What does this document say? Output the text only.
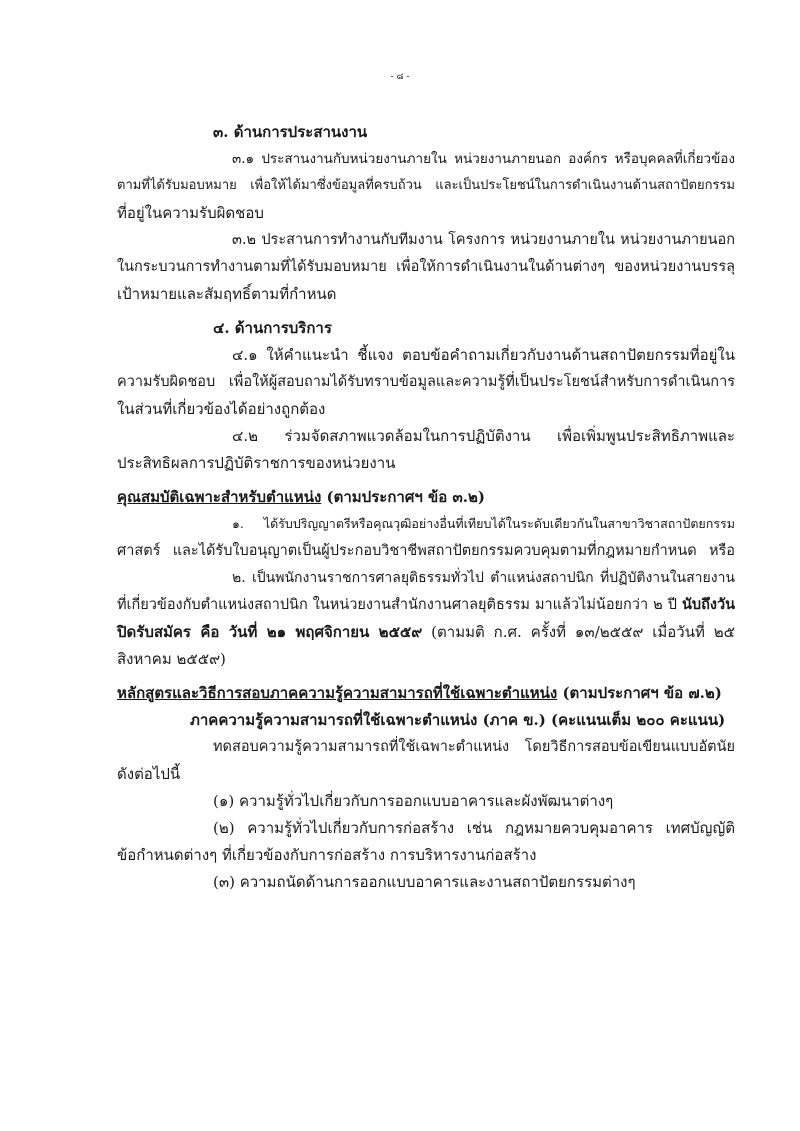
- ๘ -
๓. ด้านการประสานงาน
๓.๑ ประสานงานกับหน่วยงานภายใน หน่วยงานภายนอก องค์กร หรือบุคคลที่เกี่ยวข้อง
ตามที่ได้รับมอบหมาย เพื่อให้ได้มาซึ่งข้อมูลที่ครบถ้วน และเป็นประโยชน์ในการดำเนินงานด้านสถาปัตยกรรม
ที่อยู่ในความรับผิดชอบ
๓.๒ ประสานการทำงานกับทีมงาน โครงการ หน่วยงานภายใน หน่วยงานภายนอก
ในกระบวนการทำงานตามที่ได้รับมอบหมาย เพื่อให้การดำเนินงานในด้านต่างๆ ของหน่วยงานบรรลุ
เป้าหมายและสัมฤทธิ์ตามที่กำหนด
๔. ด้านการบริการ
๔.๑ ให้คำแนะนำ ชี้แจง ตอบข้อคำถามเกี่ยวกับงานด้านสถาปัตยกรรมที่อยู่ใน
ความรับผิดชอบ เพื่อให้ผู้สอบถามได้รับทราบข้อมูลและความรู้ที่เป็นประโยชน์สำหรับการดำเนินการ
ในส่วนที่เกี่ยวข้องได้อย่างถูกต้อง
๔.๒ ร่วมจัดสภาพแวดล้อมในการปฏิบัติงาน เพื่อเพิ่มพูนประสิทธิภาพและ
ประสิทธิผลการปฏิบัติราชการของหน่วยงาน
คุณสมบัติเฉพาะสำหรับตำแหน่ง (ตามประกาศฯ ข้อ ๓.๒)
๑. ได้รับปริญญาตรีหรือคุณวุฒิอย่างอื่นที่เทียบได้ในระดับเดียวกันในสาขาวิชาสถาปัตยกรรม
ศาสตร์ และได้รับใบอนุญาตเป็นผู้ประกอบวิชาชีพสถาปัตยกรรมควบคุมตามที่กฎหมายกำหนด หรือ
๒. เป็นพนักงานราชการศาลยุติธรรมทั่วไป ตำแหน่งสถาปนิก ที่ปฏิบัติงานในสายงาน
ที่เกี่ยวข้องกับตำแหน่งสถาปนิก ในหน่วยงานสำนักงานศาลยุติธรรม มาแล้วไม่น้อยกว่า ๒ ปี นับถึงวัน
ปิดรับสมัคร คือ วันที่ ๒๑ พฤศจิกายน ๒๕๕๙ (ตามมติ ก.ศ. ครั้งที่ ๑๓/๒๕๕๙ เมื่อวันที่ ๒๕
สิงหาคม ๒๕๕๙)
หลักสูตรและวิธีการสอบภาคความรู้ความสามารถที่ใช้เฉพาะตำแหน่ง (ตามประกาศฯ ข้อ ๗.๒)
ภาคความรู้ความสามารถที่ใช้เฉพาะตำแหน่ง (ภาค ข.) (คะแนนเต็ม ๒๐๐ คะแนน)
ทดสอบความรู้ความสามารถที่ใช้เฉพาะตำแหน่ง โดยวิธีการสอบข้อเขียนแบบอัตนัย
ดังต่อไปนี้
(๑) ความรู้ทั่วไปเกี่ยวกับการออกแบบอาคารและผังพัฒนาต่างๆ
(๒) ความรู้ทั่วไปเกี่ยวกับการก่อสร้าง เช่น กฎหมายควบคุมอาคาร เทศบัญญัติ
ข้อกำหนดต่างๆ ที่เกี่ยวข้องกับการก่อสร้าง การบริหารงานก่อสร้าง
(๓) ความถนัดด้านการออกแบบอาคารและงานสถาปัตยกรรมต่างๆ
